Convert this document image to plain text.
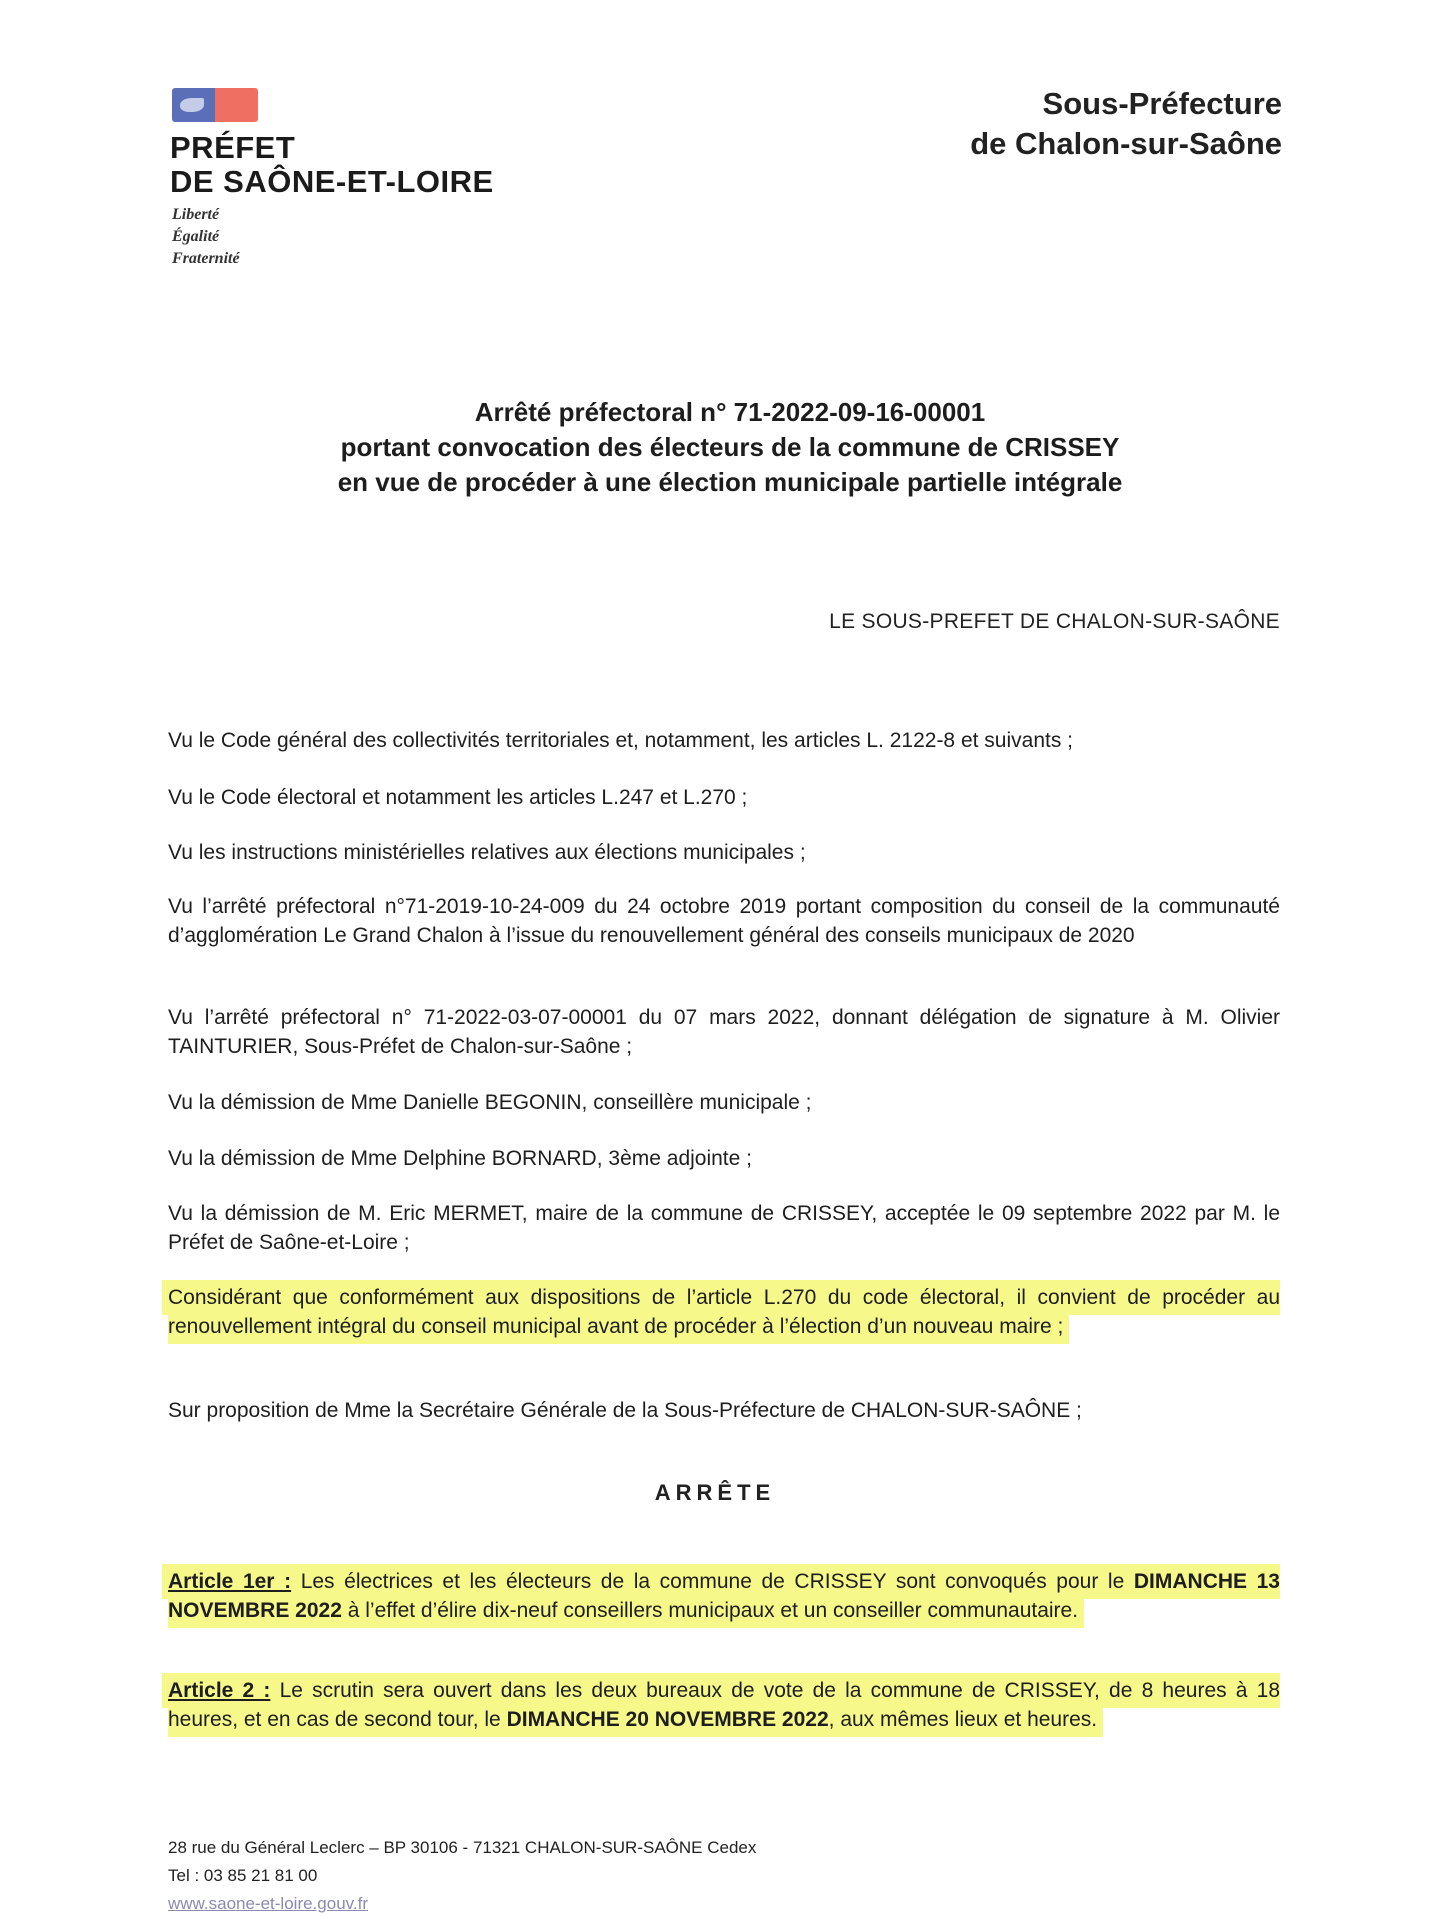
PRÉFET
DE SAÔNE-ET-LOIRE
Liberté
Égalité
Fraternité
Sous-Préfecture
de Chalon-sur-Saône
Arrêté préfectoral n° 71-2022-09-16-00001
portant convocation des électeurs de la commune de CRISSEY
en vue de procéder à une élection municipale partielle intégrale
LE SOUS-PREFET DE CHALON-SUR-SAÔNE
Vu le Code général des collectivités territoriales et, notamment, les articles L. 2122-8 et suivants ;
Vu le Code électoral et notamment les articles L.247 et L.270 ;
Vu les instructions ministérielles relatives aux élections municipales ;
Vu l’arrêté préfectoral n°71-2019-10-24-009 du 24 octobre 2019 portant composition du conseil de la communauté d’agglomération Le Grand Chalon à l’issue du renouvellement général des conseils municipaux de 2020
Vu l’arrêté préfectoral n° 71-2022-03-07-00001 du 07 mars 2022, donnant délégation de signature à M. Olivier TAINTURIER, Sous-Préfet de Chalon-sur-Saône ;
Vu la démission de Mme Danielle BEGONIN, conseillère municipale ;
Vu la démission de Mme Delphine BORNARD, 3ème adjointe ;
Vu la démission de M. Eric MERMET, maire de la commune de CRISSEY, acceptée le 09 septembre 2022 par M. le Préfet de Saône-et-Loire ;
Considérant que conformément aux dispositions de l’article L.270 du code électoral, il convient de procéder au renouvellement intégral du conseil municipal avant de procéder à l’élection d’un nouveau maire ;
Sur proposition de Mme la Secrétaire Générale de la Sous-Préfecture de CHALON-SUR-SAÔNE ;
ARRÊTE
Article 1er : Les électrices et les électeurs de la commune de CRISSEY sont convoqués pour le DIMANCHE 13 NOVEMBRE 2022 à l’effet d’élire dix-neuf conseillers municipaux et un conseiller communautaire.
Article 2 : Le scrutin sera ouvert dans les deux bureaux de vote de la commune de CRISSEY, de 8 heures à 18 heures, et en cas de second tour, le DIMANCHE 20 NOVEMBRE 2022, aux mêmes lieux et heures.
28 rue du Général Leclerc – BP 30106 - 71321 CHALON-SUR-SAÔNE Cedex
Tel : 03 85 21 81 00
www.saone-et-loire.gouv.fr
